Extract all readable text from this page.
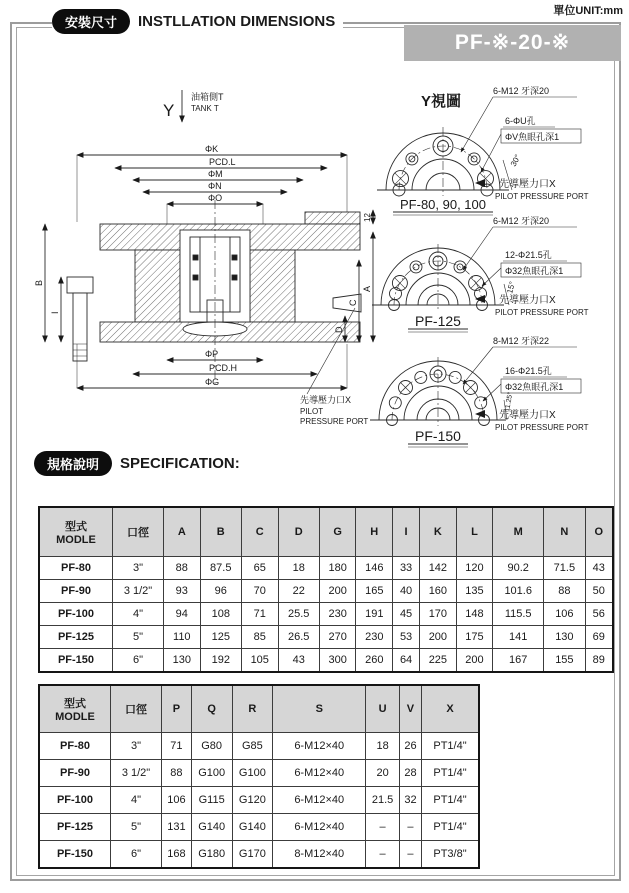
單位UNIT:mm
安裝尺寸	INSTLLATION DIMENSIONS
PF-※-20-※
Y
油箱側T
TANK T
ΦK
PCD.L
ΦM
ΦN
ΦO
B
I
12
A
C
D
ΦP
PCD.H
ΦG
先導壓力口X
PILOT
PRESSURE PORT
Y視圖
6-M12 牙深20
6-ΦU孔
ΦV魚眼孔深1
30°
PF-80, 90, 100
先導壓力口X
PILOT PRESSURE PORT
6-M12 牙深20
12-Φ21.5孔
Φ32魚眼孔深1
15°
PF-125
先導壓力口X
PILOT PRESSURE PORT
8-M12 牙深22
16-Φ21.5孔
Φ32魚眼孔深1
11.25°
PF-150
先導壓力口X
PILOT PRESSURE PORT
規格說明	SPECIFICATION:
型式
MODLE	口徑	A	B	C	D	G	H	I	K	L	M	N	O
PF-80	3"	88	87.5	65	18	180	146	33	142	120	90.2	71.5	43
PF-90	3 1/2"	93	96	70	22	200	165	40	160	135	101.6	88	50
PF-100	4"	94	108	71	25.5	230	191	45	170	148	115.5	106	56
PF-125	5"	110	125	85	26.5	270	230	53	200	175	141	130	69
PF-150	6"	130	192	105	43	300	260	64	225	200	167	155	89
型式
MODLE	口徑	P	Q	R	S	U	V	X
PF-80	3"	71	G80	G85	6-M12×40	18	26	PT1/4"
PF-90	3 1/2"	88	G100	G100	6-M12×40	20	28	PT1/4"
PF-100	4"	106	G115	G120	6-M12×40	21.5	32	PT1/4"
PF-125	5"	131	G140	G140	6-M12×40	–	–	PT1/4"
PF-150	6"	168	G180	G170	8-M12×40	–	–	PT3/8"
